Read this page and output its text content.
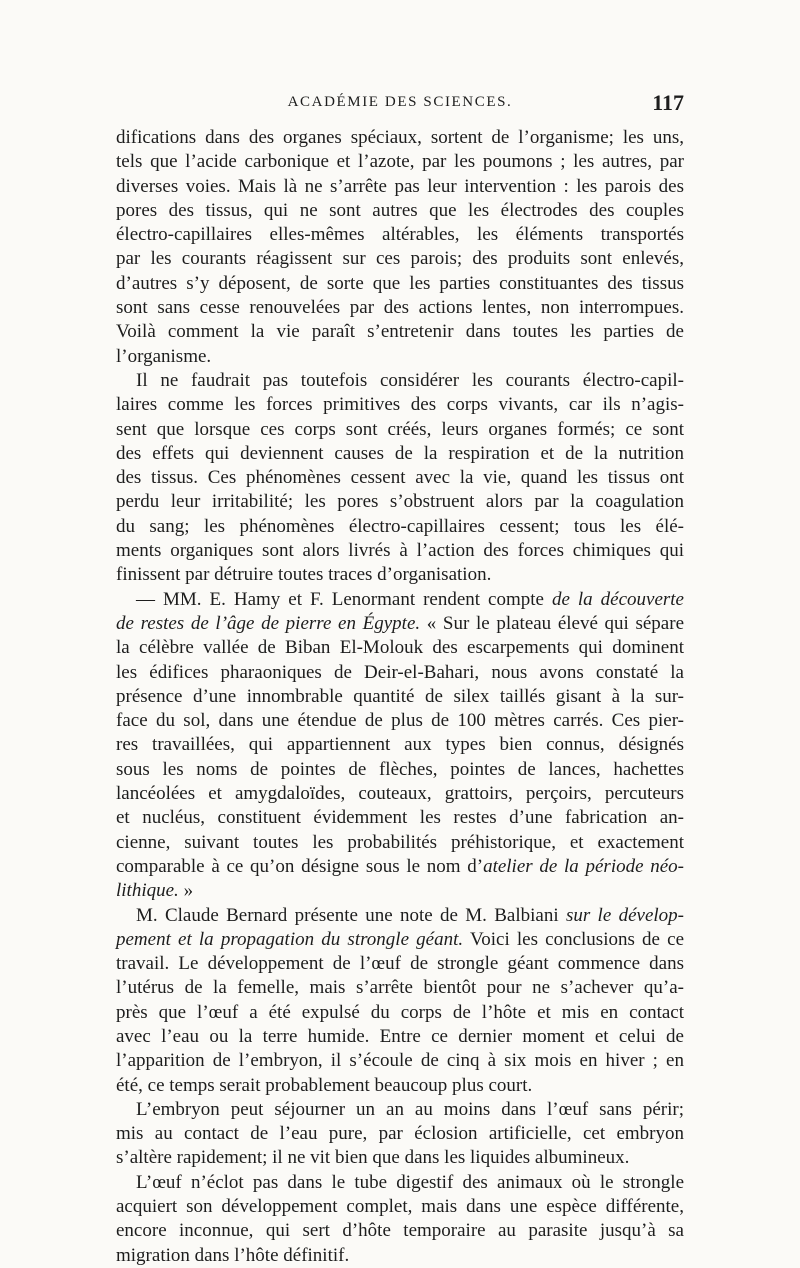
ACADÉMIE DES SCIENCES.	117

difications dans des organes spéciaux, sortent de l’organisme; les uns,
tels que l’acide carbonique et l’azote, par les poumons ; les autres, par
diverses voies. Mais là ne s’arrête pas leur intervention : les parois des
pores des tissus, qui ne sont autres que les électrodes des couples
électro-capillaires elles-mêmes altérables, les éléments transportés
par les courants réagissent sur ces parois; des produits sont enlevés,
d’autres s’y déposent, de sorte que les parties constituantes des tissus
sont sans cesse renouvelées par des actions lentes, non interrompues.
Voilà comment la vie paraît s’entretenir dans toutes les parties de
l’organisme.

Il ne faudrait pas toutefois considérer les courants électro-capil-
laires comme les forces primitives des corps vivants, car ils n’agis-
sent que lorsque ces corps sont créés, leurs organes formés; ce sont
des effets qui deviennent causes de la respiration et de la nutrition
des tissus. Ces phénomènes cessent avec la vie, quand les tissus ont
perdu leur irritabilité; les pores s’obstruent alors par la coagulation
du sang; les phénomènes électro-capillaires cessent; tous les élé-
ments organiques sont alors livrés à l’action des forces chimiques qui
finissent par détruire toutes traces d’organisation.

— MM. E. Hamy et F. Lenormant rendent compte de la découverte
de restes de l’âge de pierre en Égypte. « Sur le plateau élevé qui sépare
la célèbre vallée de Biban El-Molouk des escarpements qui dominent
les édifices pharaoniques de Deir-el-Bahari, nous avons constaté la
présence d’une innombrable quantité de silex taillés gisant à la sur-
face du sol, dans une étendue de plus de 100 mètres carrés. Ces pier-
res travaillées, qui appartiennent aux types bien connus, désignés
sous les noms de pointes de flèches, pointes de lances, hachettes
lancéolées et amygdaloïdes, couteaux, grattoirs, perçoirs, percuteurs
et nucléus, constituent évidemment les restes d’une fabrication an-
cienne, suivant toutes les probabilités préhistorique, et exactement
comparable à ce qu’on désigne sous le nom d’atelier de la période néo-
lithique. »

M. Claude Bernard présente une note de M. Balbiani sur le dévelop-
pement et la propagation du strongle géant. Voici les conclusions de ce
travail. Le développement de l’œuf de strongle géant commence dans
l’utérus de la femelle, mais s’arrête bientôt pour ne s’achever qu’a-
près que l’œuf a été expulsé du corps de l’hôte et mis en contact
avec l’eau ou la terre humide. Entre ce dernier moment et celui de
l’apparition de l’embryon, il s’écoule de cinq à six mois en hiver ; en
été, ce temps serait probablement beaucoup plus court.

L’embryon peut séjourner un an au moins dans l’œuf sans périr;
mis au contact de l’eau pure, par éclosion artificielle, cet embryon
s’altère rapidement; il ne vit bien que dans les liquides albumineux.

L’œuf n’éclot pas dans le tube digestif des animaux où le strongle
acquiert son développement complet, mais dans une espèce différente,
encore inconnue, qui sert d’hôte temporaire au parasite jusqu’à sa
migration dans l’hôte définitif.
